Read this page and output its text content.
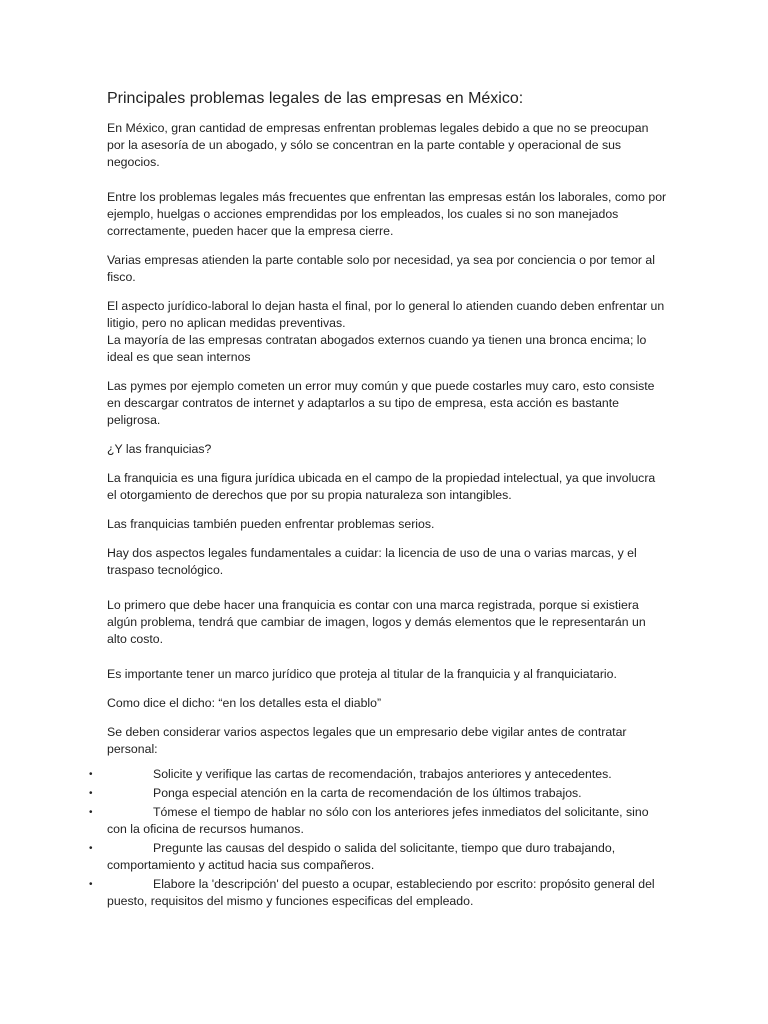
Principales problemas legales de las empresas en México:

En México, gran cantidad de empresas enfrentan problemas legales debido a que no se preocupan por la asesoría de un abogado, y sólo se concentran en la parte contable y operacional de sus negocios.

Entre los problemas legales más frecuentes que enfrentan las empresas están los laborales, como por ejemplo, huelgas o acciones emprendidas por los empleados, los cuales si no son manejados correctamente, pueden hacer que la empresa cierre.

Varias empresas atienden la parte contable solo por necesidad, ya sea por conciencia o por temor al fisco.

El aspecto jurídico-laboral lo dejan hasta el final, por lo general lo atienden cuando deben enfrentar un litigio, pero no aplican medidas preventivas.

La mayoría de las empresas contratan abogados externos cuando ya tienen una bronca encima; lo ideal es que sean internos

Las pymes por ejemplo cometen un error muy común y que puede costarles muy caro, esto consiste en descargar contratos de internet y adaptarlos a su tipo de empresa, esta acción es bastante peligrosa.

¿Y las franquicias?

La franquicia es una figura jurídica ubicada en el campo de la propiedad intelectual, ya que involucra el otorgamiento de derechos que por su propia naturaleza son intangibles.

Las franquicias también pueden enfrentar problemas serios.

Hay dos aspectos legales fundamentales a cuidar: la licencia de uso de una o varias marcas, y el traspaso tecnológico.

Lo primero que debe hacer una franquicia es contar con una marca registrada, porque si existiera algún problema, tendrá que cambiar de imagen, logos y demás elementos que le representarán un alto costo.

Es importante tener un marco jurídico que proteja al titular de la franquicia y al franquiciatario.

Como dice el dicho: “en los detalles esta el diablo”

Se deben considerar varios aspectos legales que un empresario debe vigilar antes de contratar personal:

•	Solicite y verifique las cartas de recomendación, trabajos anteriores y antecedentes.
•	Ponga especial atención en la carta de recomendación de los últimos trabajos.
•	Tómese el tiempo de hablar no sólo con los anteriores jefes inmediatos del solicitante, sino con la oficina de recursos humanos.
•	Pregunte las causas del despido o salida del solicitante, tiempo que duro trabajando, comportamiento y actitud hacia sus compañeros.
•	Elabore la 'descripción' del puesto a ocupar, estableciendo por escrito: propósito general del puesto, requisitos del mismo y funciones especificas del empleado.
